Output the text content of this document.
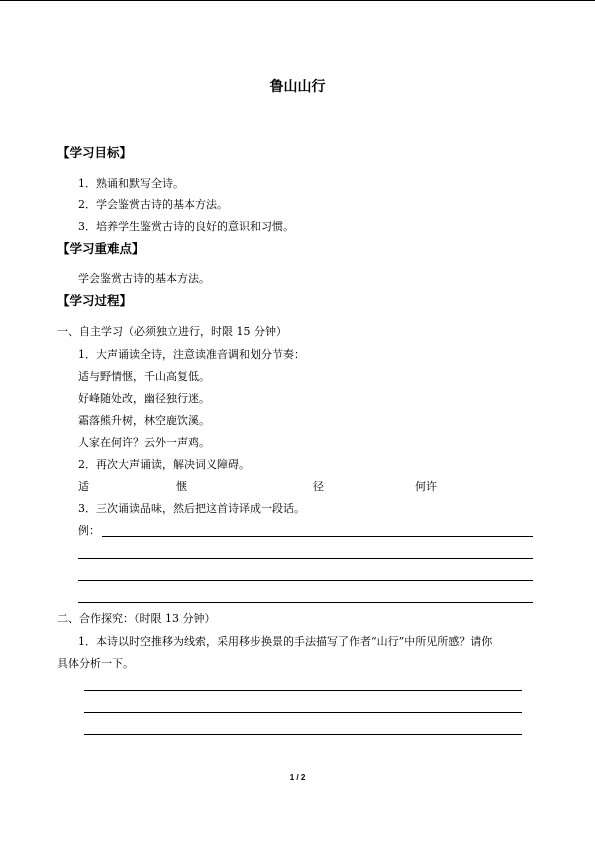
鲁山山行
【学习目标】
1．熟诵和默写全诗。
2．学会鉴赏古诗的基本方法。
3．培养学生鉴赏古诗的良好的意识和习惯。
【学习重难点】
学会鉴赏古诗的基本方法。
【学习过程】
一、自主学习（必须独立进行，时限 15 分钟）
1．大声诵读全诗，注意读准音调和划分节奏：
适与野情惬，千山高复低。
好峰随处改，幽径独行迷。
霜落熊升树，林空鹿饮溪。
人家在何许？云外一声鸡。
2．再次大声诵读，解决词义障碍。
适	惬	径	何许
3．三次诵读品味，然后把这首诗译成一段话。
例：
二、合作探究：（时限 13 分钟）
1．本诗以时空推移为线索，采用移步换景的手法描写了作者“山行”中所见所感？请你
具体分析一下。
1 / 2
